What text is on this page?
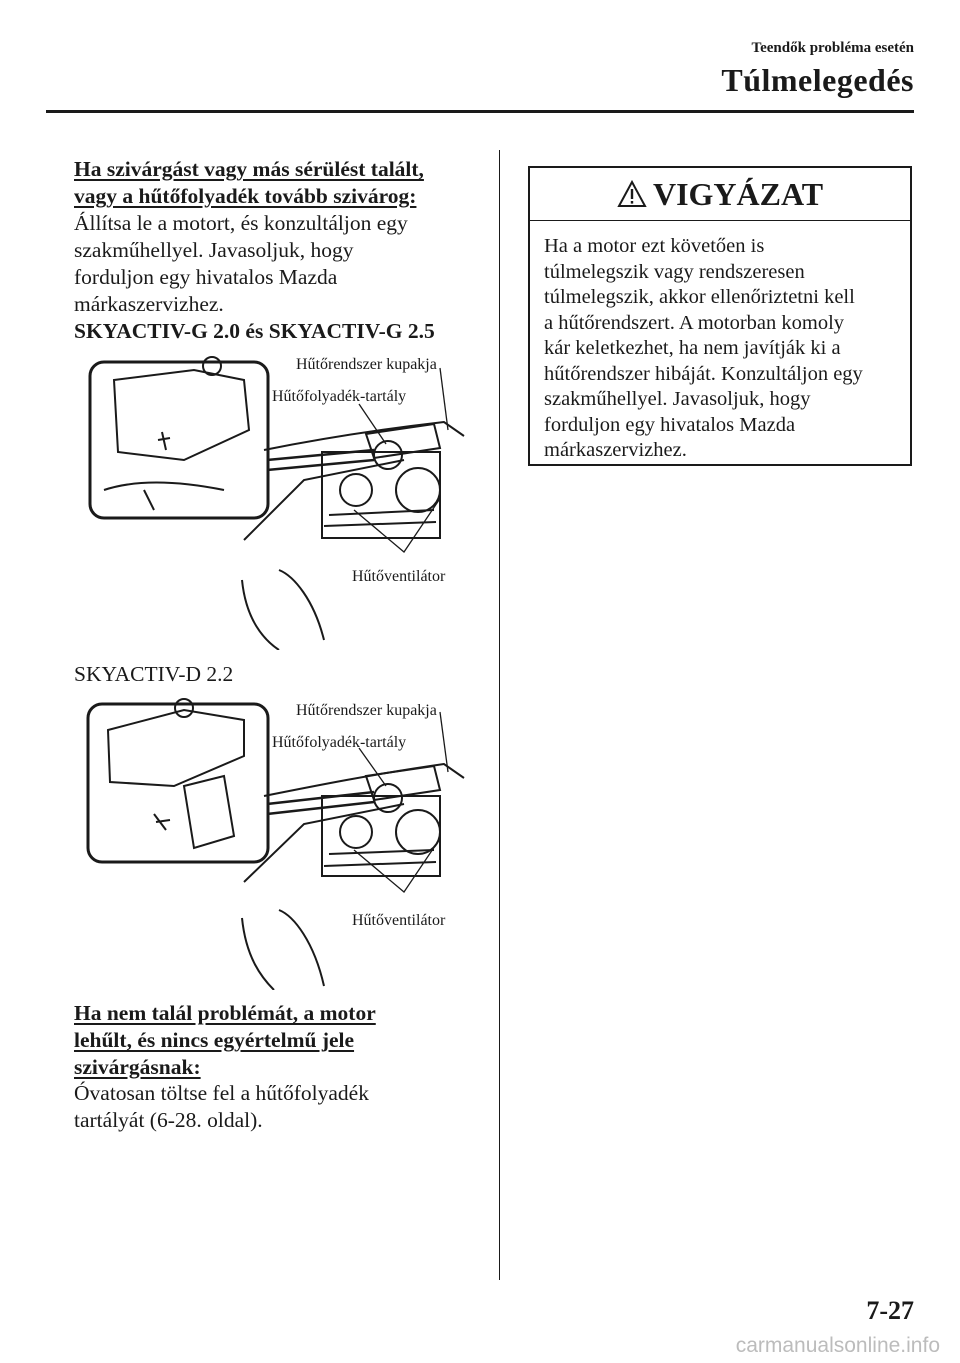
Teendők probléma esetén
Túlmelegedés
Ha szivárgást vagy más sérülést talált,
vagy a hűtőfolyadék tovább szivárog:
Állítsa le a motort, és konzultáljon egy
szakműhellyel. Javasoljuk, hogy
forduljon egy hivatalos Mazda
márkaszervizhez.
SKYACTIV-G 2.0 és SKYACTIV-G 2.5
Hűtőrendszer kupakja
Hűtőfolyadék-tartály
Hűtőventilátor
SKYACTIV-D 2.2
Hűtőrendszer kupakja
Hűtőfolyadék-tartály
Hűtőventilátor
Ha nem talál problémát, a motor
lehűlt, és nincs egyértelmű jele
szivárgásnak:
Óvatosan töltse fel a hűtőfolyadék
tartályát (6-28. oldal).
VIGYÁZAT
Ha a motor ezt követően is
túlmelegszik vagy rendszeresen
túlmelegszik, akkor ellenőriztetni kell
a hűtőrendszert. A motorban komoly
kár keletkezhet, ha nem javítják ki a
hűtőrendszer hibáját. Konzultáljon egy
szakműhellyel. Javasoljuk, hogy
forduljon egy hivatalos Mazda
márkaszervizhez.
7-27
carmanualsonline.info
